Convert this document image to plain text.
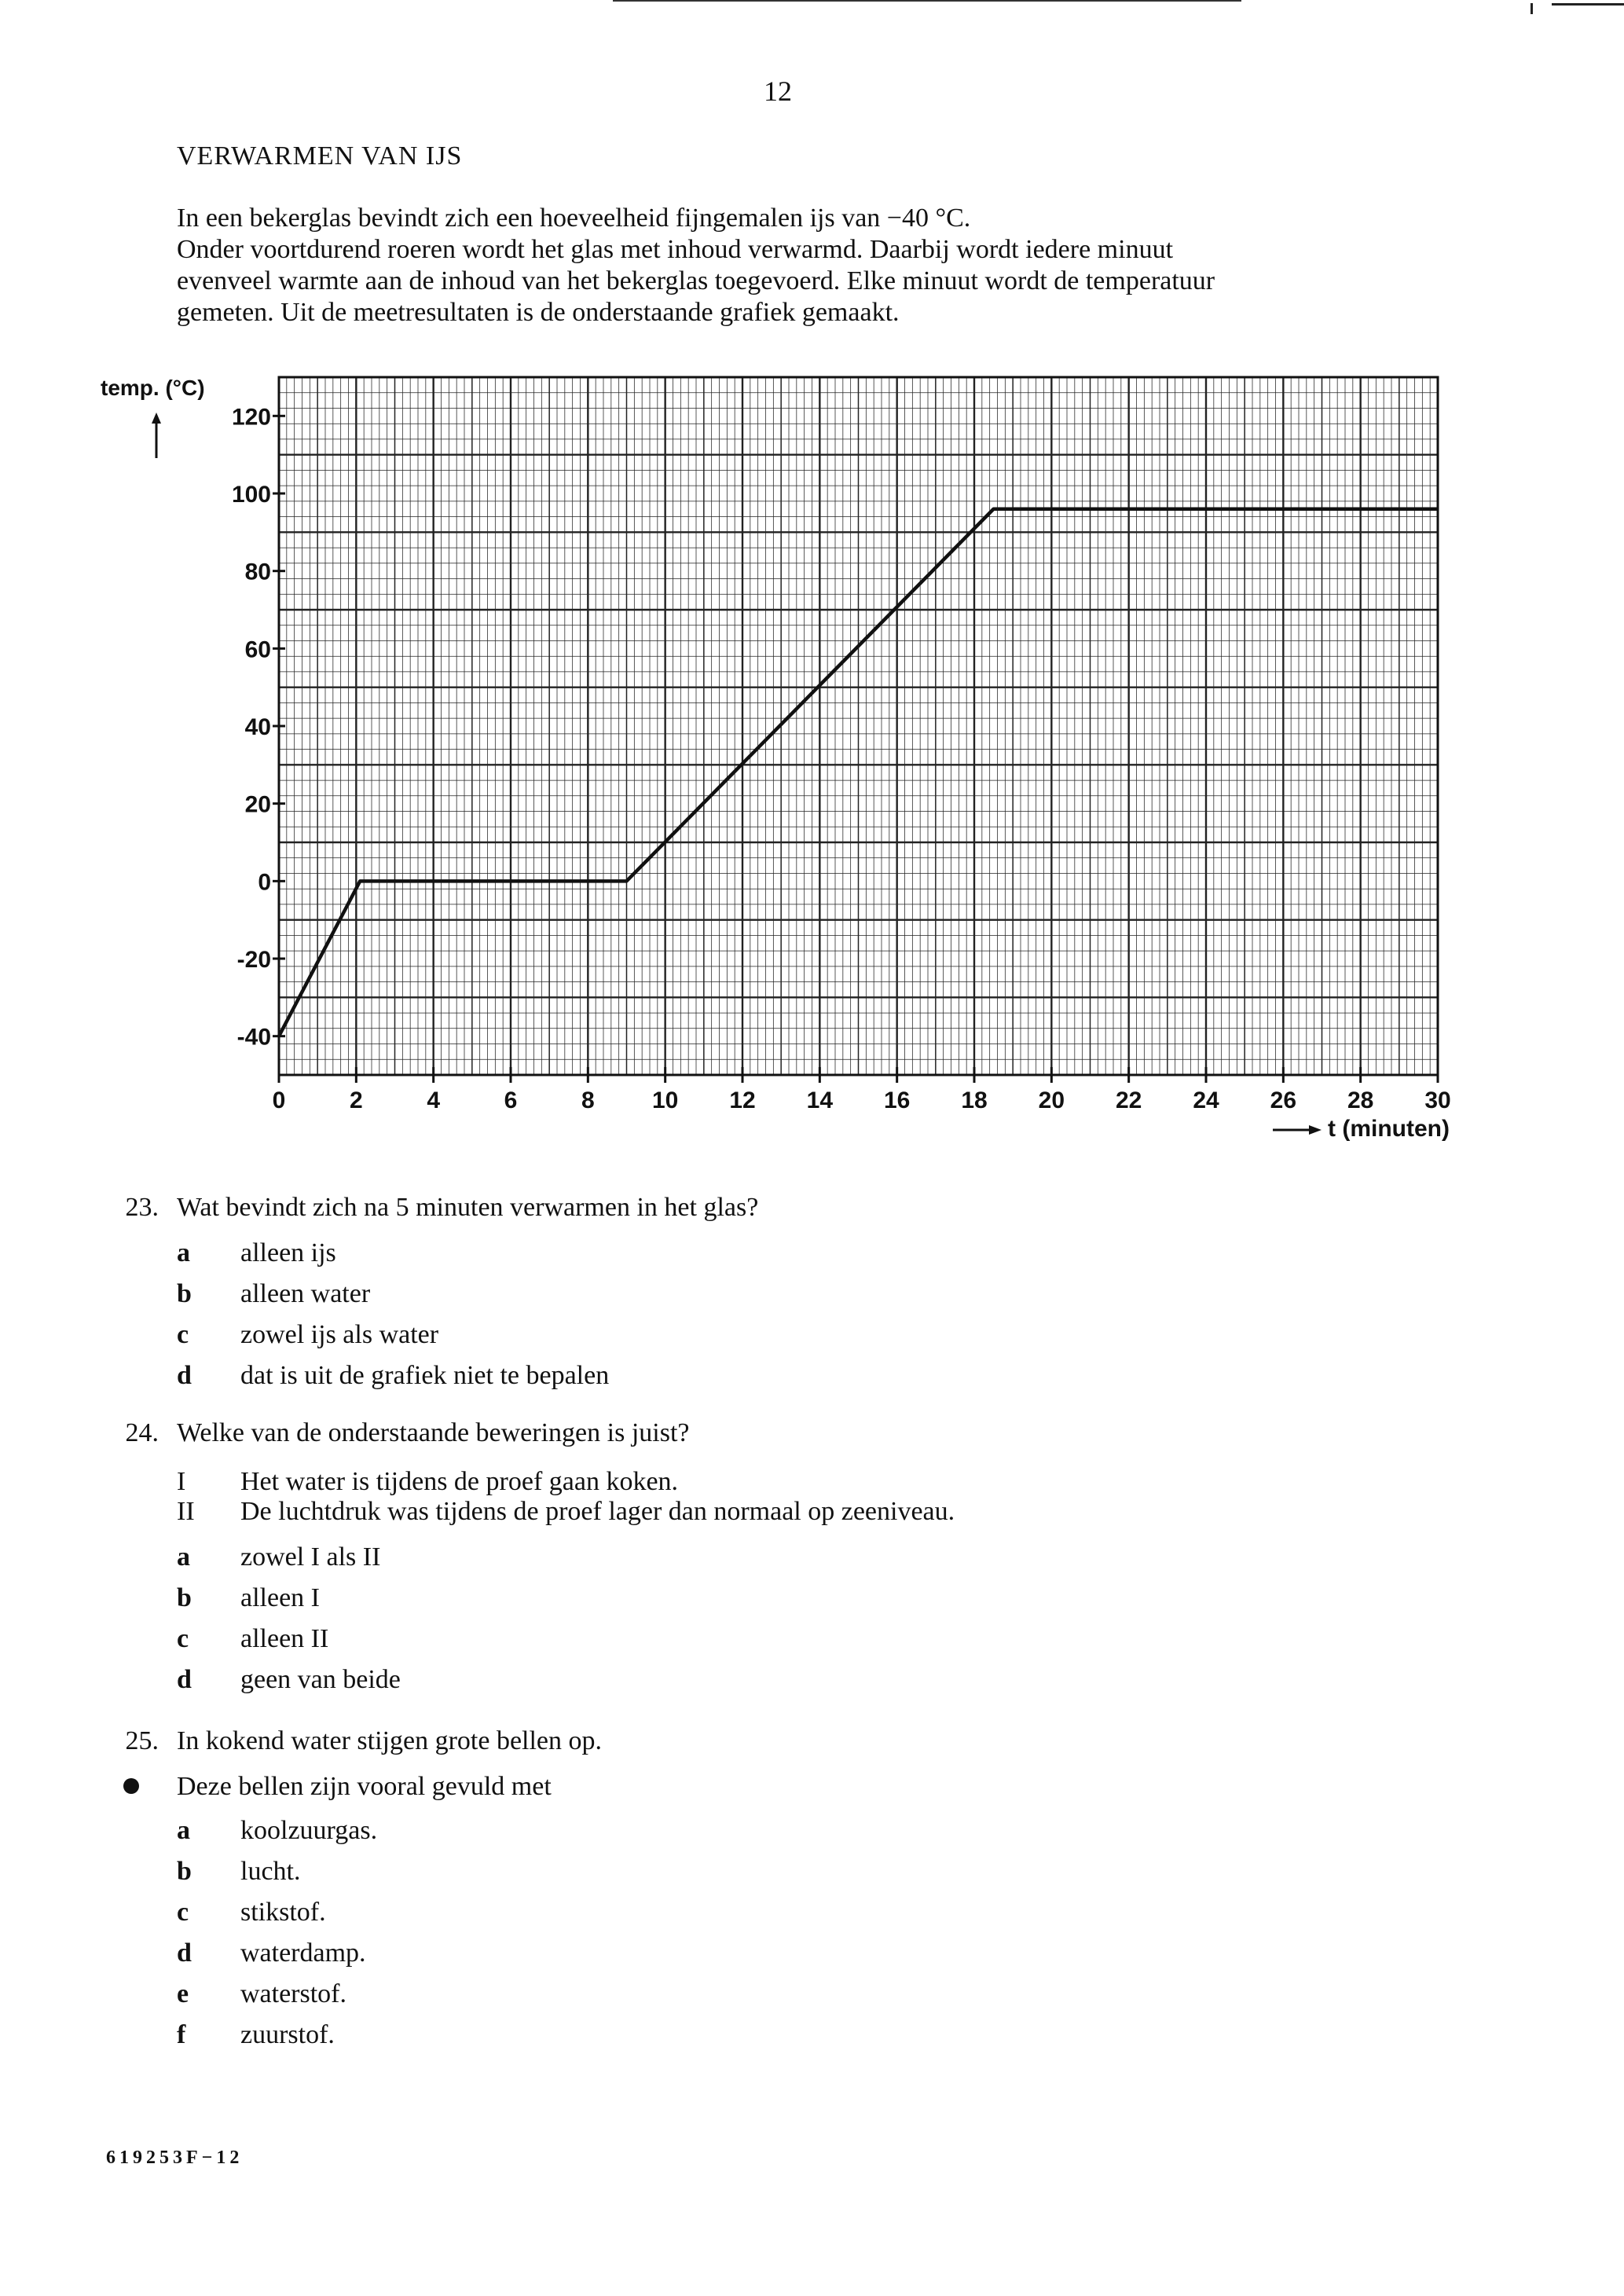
12
VERWARMEN VAN IJS

In een bekerglas bevindt zich een hoeveelheid fijngemalen ijs van −40 °C.

Onder voortdurend roeren wordt het glas met inhoud verwarmd. Daarbij wordt iedere minuut

evenveel warmte aan de inhoud van het bekerglas toegevoerd. Elke minuut wordt de temperatuur

gemeten. Uit de meetresultaten is de onderstaande grafiek gemaakt.

-40
-20
0
20
40
60
80
100
120
0	2	4	6	8 10 12 14 16 18 20 22 24 26 28 30
temp. (°C)
t (minuten)
23. Wat bevindt zich na 5 minuten verwarmen in het glas?
a alleen ijs
b alleen water
c zowel ijs als water
d dat is uit de grafiek niet te bepalen
24. Welke van de onderstaande beweringen is juist?
I Het water is tijdens de proef gaan koken.
II De luchtdruk was tijdens de proef lager dan normaal op zeeniveau.
a zowel I als II
b alleen I
c alleen II
d geen van beide
25. In kokend water stijgen grote bellen op.
Deze bellen zijn vooral gevuld met
a koolzuurgas.
b lucht.
c stikstof.
d waterdamp.
e waterstof.
f zuurstof.
619253F−12
